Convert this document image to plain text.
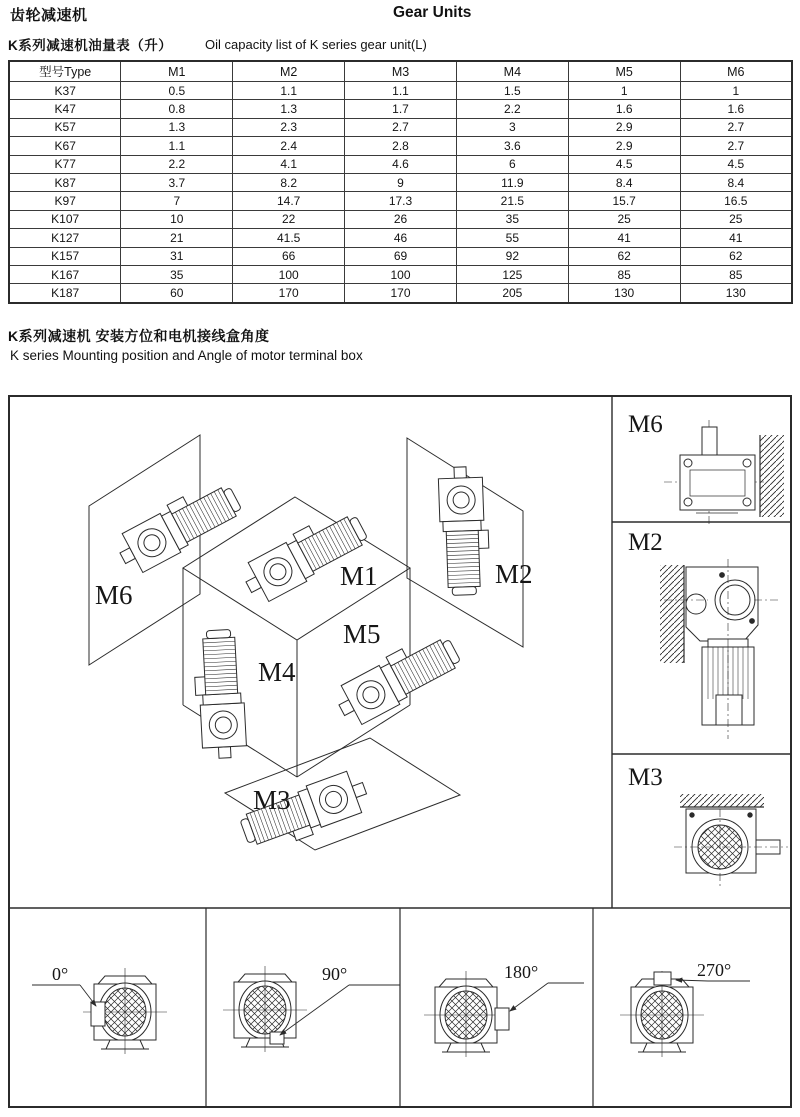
齿轮减速机	Gear Units
K系列减速机油量表（升）	Oil capacity list of K series gear unit(L)
型号Type	M1	M2	M3	M4	M5	M6
K37	0.5	1.1	1.1	1.5	1	1
K47	0.8	1.3	1.7	2.2	1.6	1.6
K57	1.3	2.3	2.7	3	2.9	2.7
K67	1.1	2.4	2.8	3.6	2.9	2.7
K77	2.2	4.1	4.6	6	4.5	4.5
K87	3.7	8.2	9	11.9	8.4	8.4
K97	7	14.7	17.3	21.5	15.7	16.5
K107	10	22	26	35	25	25
K127	21	41.5	46	55	41	41
K157	31	66	69	92	62	62
K167	35	100	100	125	85	85
K187	60	170	170	205	130	130
K系列减速机 安装方位和电机接线盒角度
K series Mounting position and Angle of motor terminal box
M6
M1	M2
M5
M4
M3
M6
M2
M3
0°	90°	180°	270°
